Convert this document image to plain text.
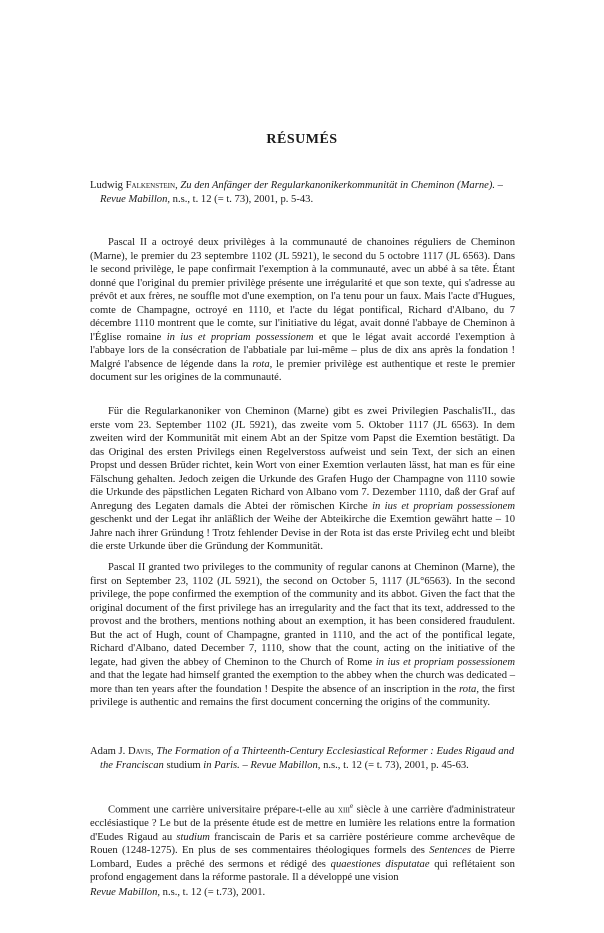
RÉSUMÉS
Ludwig Falkenstein, Zu den Anfänger der Regularkanonikerkommunität in Cheminon (Marne). – Revue Mabillon, n.s., t. 12 (= t. 73), 2001, p. 5-43.
Pascal II a octroyé deux privilèges à la communauté de chanoines réguliers de Cheminon (Marne), le premier du 23 septembre 1102 (JL 5921), le second du 5 octobre 1117 (JL 6563). Dans le second privilège, le pape confirmait l'exemption à la communauté, avec un abbé à sa tête. Étant donné que l'original du premier privilège présente une irrégularité et que son texte, qui s'adresse au prévôt et aux frères, ne souffle mot d'une exemption, on l'a tenu pour un faux. Mais l'acte d'Hugues, comte de Champagne, octroyé en 1110, et l'acte du légat pontifical, Richard d'Albano, du 7 décembre 1110 montrent que le comte, sur l'initiative du légat, avait donné l'abbaye de Cheminon à l'Église romaine in ius et propriam possessionem et que le légat avait accordé l'exemption à l'abbaye lors de la consécration de l'abbatiale par lui-même – plus de dix ans après la fondation ! Malgré l'absence de légende dans la rota, le premier privilège est authentique et reste le premier document sur les origines de la communauté.
Für die Regularkanoniker von Cheminon (Marne) gibt es zwei Privilegien Paschalis'II., das erste vom 23. September 1102 (JL 5921), das zweite vom 5. Oktober 1117 (JL 6563). In dem zweiten wird der Kommunität mit einem Abt an der Spitze vom Papst die Exemtion bestätigt. Da das Original des ersten Privilegs einen Regelverstoss aufweist und sein Text, der sich an einen Propst und dessen Brüder richtet, kein Wort von einer Exemtion verlauten lässt, hat man es für eine Fälschung gehalten. Jedoch zeigen die Urkunde des Grafen Hugo der Champagne von 1110 sowie die Urkunde des päpstlichen Legaten Richard von Albano vom 7. Dezember 1110, daß der Graf auf Anregung des Legaten damals die Abtei der römischen Kirche in ius et propriam possessionem geschenkt und der Legat ihr anläßlich der Weihe der Abteikirche die Exemtion gewährt hatte – 10 Jahre nach ihrer Gründung ! Trotz fehlender Devise in der Rota ist das erste Privileg echt und bleibt die erste Urkunde über die Gründung der Kommunität.
Pascal II granted two privileges to the community of regular canons at Cheminon (Marne), the first on September 23, 1102 (JL 5921), the second on October 5, 1117 (JL°6563). In the second privilege, the pope confirmed the exemption of the community and its abbot. Given the fact that the original document of the first privilege has an irregularity and the fact that its text, addressed to the provost and the brothers, mentions nothing about an exemption, it has been considered fraudulent. But the act of Hugh, count of Champagne, granted in 1110, and the act of the pontifical legate, Richard d'Albano, dated December 7, 1110, show that the count, acting on the initiative of the legate, had given the abbey of Cheminon to the Church of Rome in ius et propriam possessionem and that the legate had himself granted the exemption to the abbey when the church was dedicated – more than ten years after the foundation ! Despite the absence of an inscription in the rota, the first privilege is authentic and remains the first document concerning the origins of the community.
Adam J. Davis, The Formation of a Thirteenth-Century Ecclesiastical Reformer : Eudes Rigaud and the Franciscan studium in Paris. – Revue Mabillon, n.s., t. 12 (= t. 73), 2001, p. 45-63.
Comment une carrière universitaire prépare-t-elle au xiii$^e$ siècle à une carrière d'administrateur ecclésiastique ? Le but de la présente étude est de mettre en lumière les relations entre la formation d'Eudes Rigaud au studium franciscain de Paris et sa carrière postérieure comme archevêque de Rouen (1248-1275). En plus de ses commentaires théologiques formels des Sentences de Pierre Lombard, Eudes a prêché des sermons et rédigé des quaestiones disputatae qui reflétaient son profond engagement dans la réforme pastorale. Il a développé une vision
Revue Mabillon, n.s., t. 12 (= t.73), 2001.
